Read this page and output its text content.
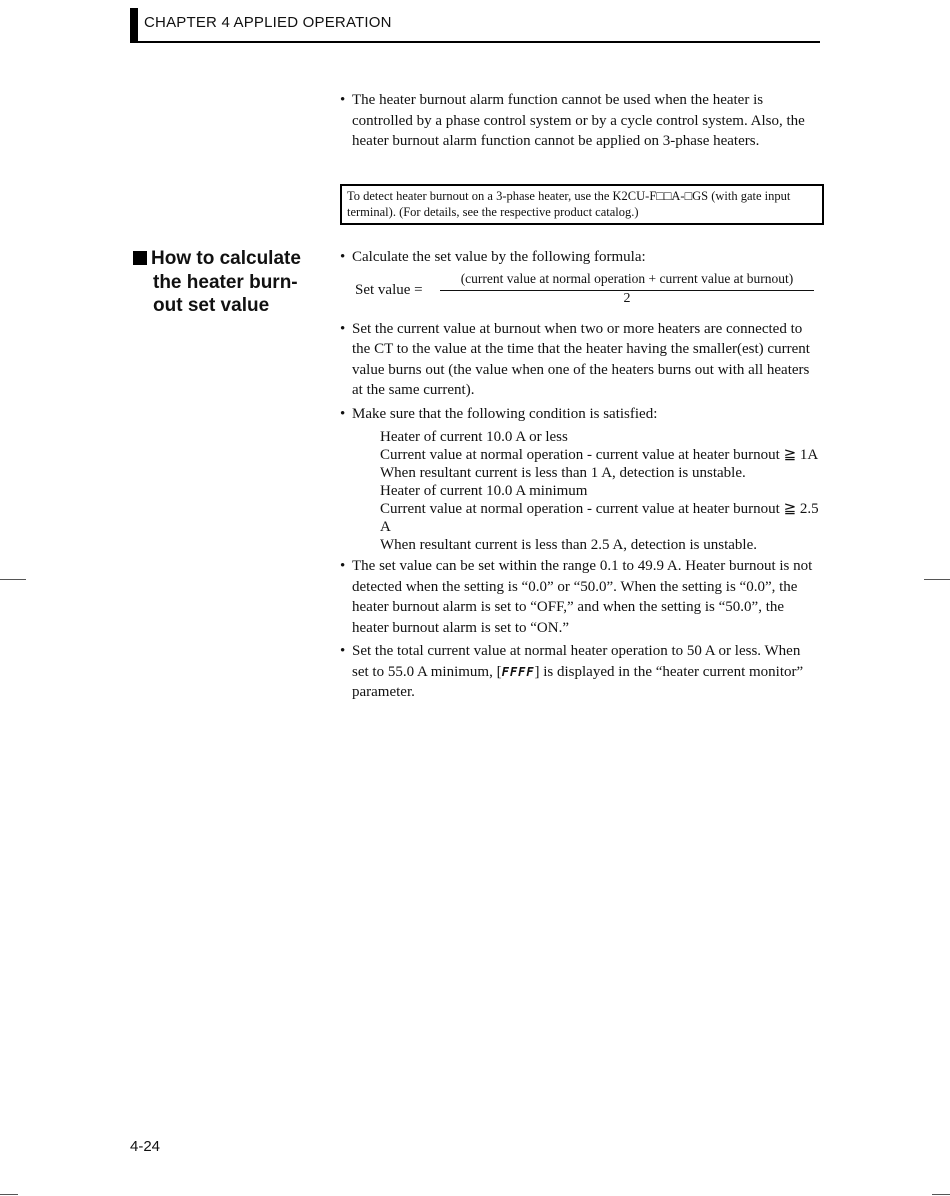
CHAPTER 4 APPLIED OPERATION
• The heater burnout alarm function cannot be used when the heater is controlled by a phase control system or by a cycle control system. Also, the heater burnout alarm function cannot be applied on 3-phase heaters.
To detect heater burnout on a 3-phase heater, use the K2CU-F□□A-□GS (with gate input terminal). (For details, see the respective product catalog.)
How to calculate
the heater burn-
out set value
• Calculate the set value by the following formula:
Set value =
(current value at normal operation + current value at burnout)
2
• Set the current value at burnout when two or more heaters are connected to the CT to the value at the time that the heater having the smaller(est) current value burns out (the value when one of the heaters burns out with all heaters at the same current).
• Make sure that the following condition is satisfied:
Heater of current 10.0 A or less
Current value at normal operation - current value at heater burnout ≧ 1A
When resultant current is less than 1 A, detection is unstable.
Heater of current 10.0 A minimum
Current value at normal operation - current value at heater burnout ≧ 2.5 A
When resultant current is less than 2.5 A, detection is unstable.
• The set value can be set within the range 0.1 to 49.9 A. Heater burnout is not detected when the setting is “0.0” or “50.0”. When the setting is “0.0”, the heater burnout alarm is set to “OFF,” and when the setting is “50.0”, the heater burnout alarm is set to “ON.”
• Set the total current value at normal heater operation to 50 A or less. When set to 55.0 A minimum, [FFFF] is displayed in the “heater current monitor” parameter.
4-24
